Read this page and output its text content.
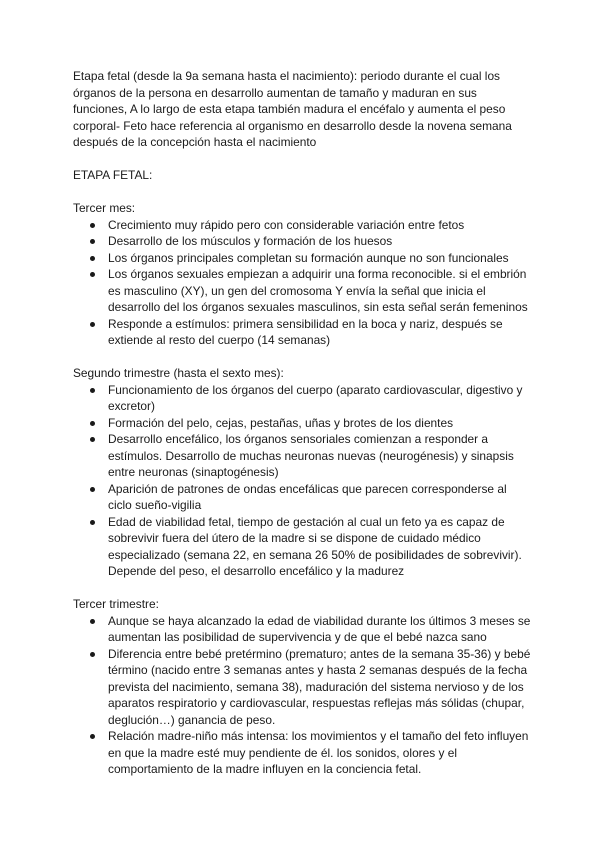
Etapa fetal (desde la 9a semana hasta el nacimiento): periodo durante el cual los órganos de la persona en desarrollo aumentan de tamaño y maduran en sus funciones, A lo largo de esta etapa también madura el encéfalo y aumenta el peso corporal- Feto hace referencia al organismo en desarrollo desde la novena semana después de la concepción hasta el nacimiento

ETAPA FETAL:

Tercer mes:

Crecimiento muy rápido pero con considerable variación entre fetos
Desarrollo de los músculos y formación de los huesos
Los órganos principales completan su formación aunque no son funcionales
Los órganos sexuales empiezan a adquirir una forma reconocible. si el embrión es masculino (XY), un gen del cromosoma Y envía la señal que inicia el desarrollo del los órganos sexuales masculinos, sin esta señal serán femeninos
Responde a estímulos: primera sensibilidad en la boca y nariz, después se extiende al resto del cuerpo (14 semanas)

Segundo trimestre (hasta el sexto mes):

Funcionamiento de los órganos del cuerpo (aparato cardiovascular, digestivo y excretor)
Formación del pelo, cejas, pestañas, uñas y brotes de los dientes
Desarrollo encefálico, los órganos sensoriales comienzan a responder a estímulos. Desarrollo de muchas neuronas nuevas (neurogénesis) y sinapsis entre neuronas (sinaptogénesis)
Aparición de patrones de ondas encefálicas que parecen corresponderse al ciclo sueño-vigilia
Edad de viabilidad fetal, tiempo de gestación al cual un feto ya es capaz de sobrevivir fuera del útero de la madre si se dispone de cuidado médico especializado (semana 22, en semana 26 50% de posibilidades de sobrevivir). Depende del peso, el desarrollo encefálico y la madurez

Tercer trimestre:

Aunque se haya alcanzado la edad de viabilidad durante los últimos 3 meses se aumentan las posibilidad de supervivencia y de que el bebé nazca sano
Diferencia entre bebé pretérmino (prematuro; antes de la semana 35-36) y bebé término (nacido entre 3 semanas antes y hasta 2 semanas después de la fecha prevista del nacimiento, semana 38), maduración del sistema nervioso y de los aparatos respiratorio y cardiovascular, respuestas reflejas más sólidas (chupar, deglución…) ganancia de peso.
Relación madre-niño más intensa: los movimientos y el tamaño del feto influyen en que la madre esté muy pendiente de él. los sonidos, olores y el comportamiento de la madre influyen en la conciencia fetal.
